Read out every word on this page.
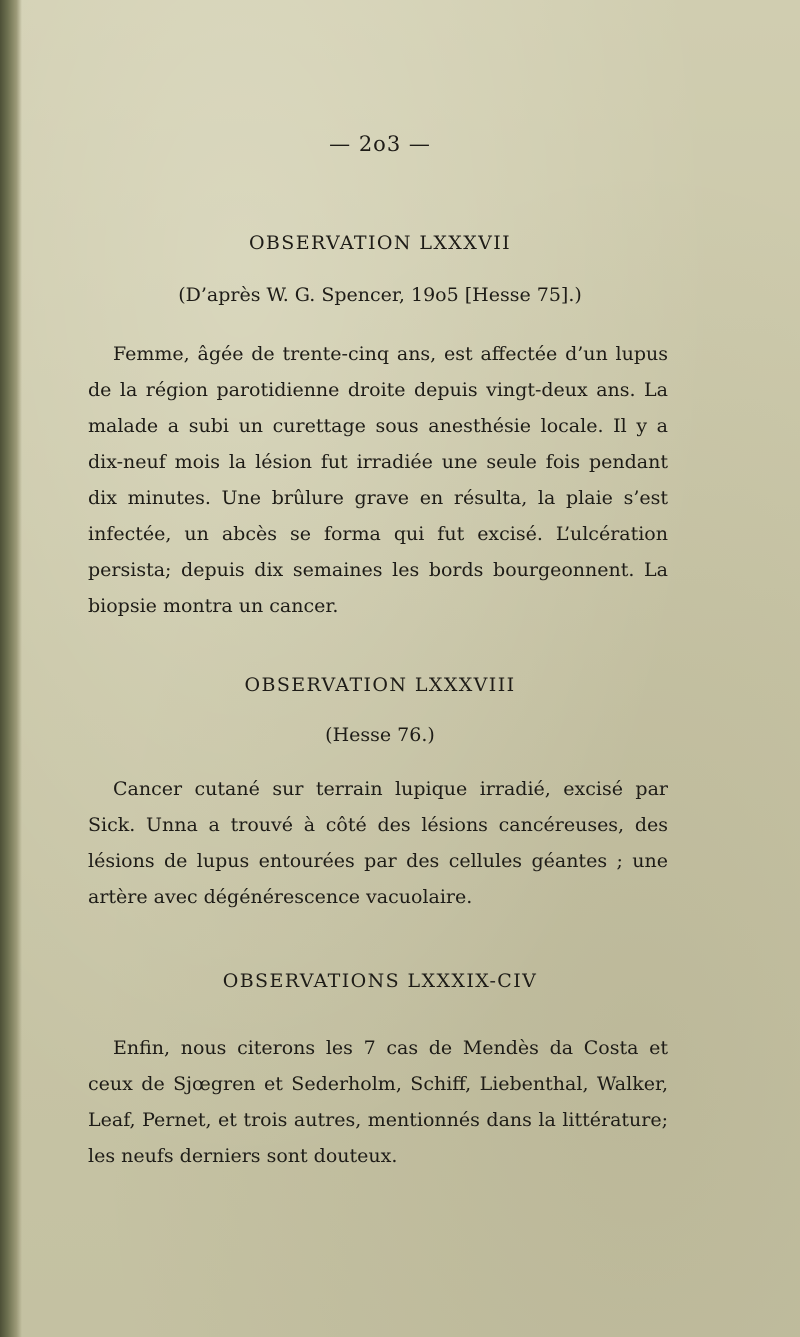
— 2o3 —
OBSERVATION LXXXVII
(D’après W. G. Spencer, 19o5 [Hesse 75].)

Femme, âgée de trente-cinq ans, est affectée d’un lupus de la région parotidienne droite depuis vingt-deux ans. La malade a subi un curettage sous anesthésie locale. Il y a dix-neuf mois la lésion fut irradiée une seule fois pendant dix minutes. Une brûlure grave en résulta, la plaie s’est infectée, un abcès se forma qui fut excisé. L’ulcération persista; depuis dix semaines les bords bourgeonnent. La biopsie montra un cancer.

OBSERVATION LXXXVIII
(Hesse 76.)

Cancer cutané sur terrain lupique irradié, excisé par Sick. Unna a trouvé à côté des lésions cancéreuses, des lésions de lupus entourées par des cellules géantes ; une artère avec dégénérescence vacuolaire.

OBSERVATIONS LXXXIX-CIV

Enfin, nous citerons les 7 cas de Mendès da Costa et ceux de Sjœgren et Sederholm, Schiff, Liebenthal, Walker, Leaf, Pernet, et trois autres, mentionnés dans la littérature; les neufs derniers sont douteux.
